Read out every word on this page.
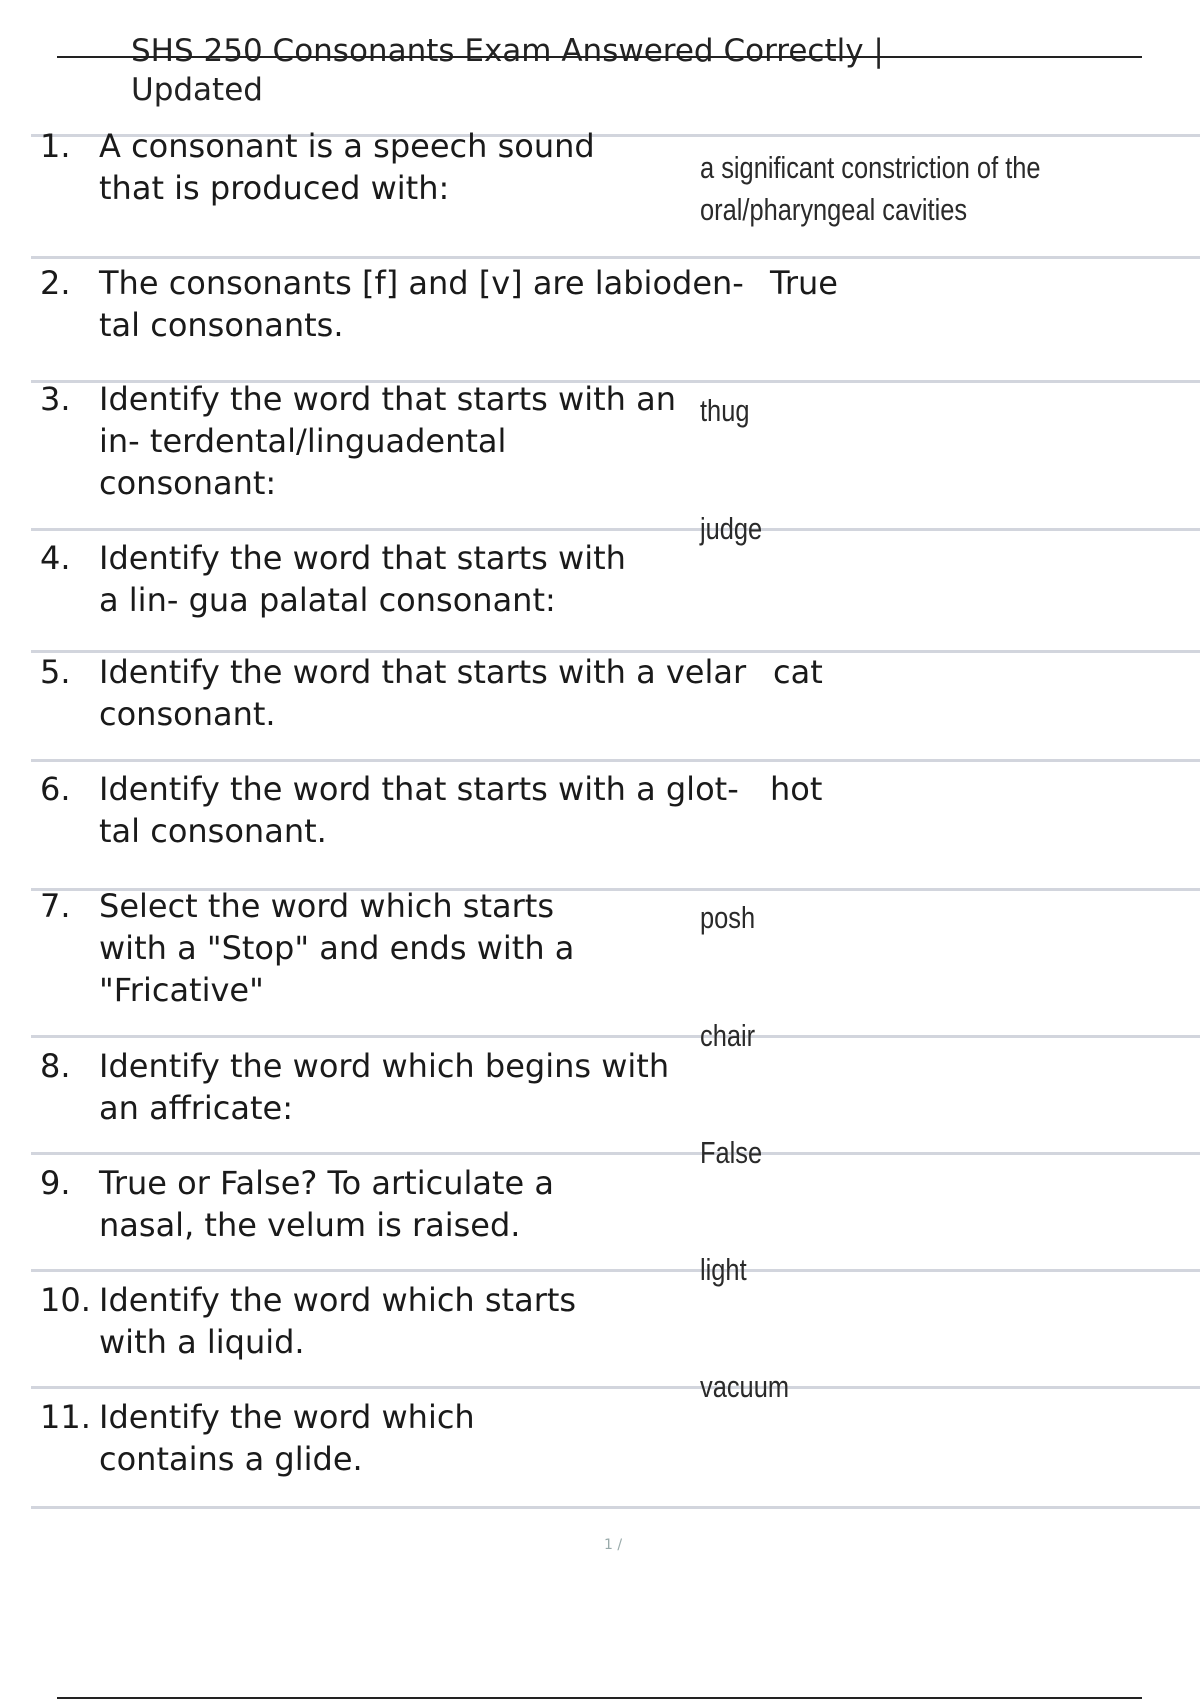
SHS 250 Consonants Exam Answered Correctly |
Updated
1. A consonant is a speech sound
that is produced with:
a significant constriction of the
oral/pharyngeal cavities
2. The consonants [f] and [v] are labioden-
tal consonants.
True
3. Identify the word that starts with an
in- terdental/linguadental
consonant:
thug
judge
4. Identify the word that starts with
a lin- gua palatal consonant:
5. Identify the word that starts with a velar
consonant.
cat
6. Identify the word that starts with a glot-
tal consonant.
hot
7. Select the word which starts
with a "Stop" and ends with a
"Fricative"
posh
chair
8. Identify the word which begins with
an affricate:
False
9. True or False? To articulate a
nasal, the velum is raised.
light
10. Identify the word which starts
with a liquid.
vacuum
11. Identify the word which
contains a glide.
1 /
